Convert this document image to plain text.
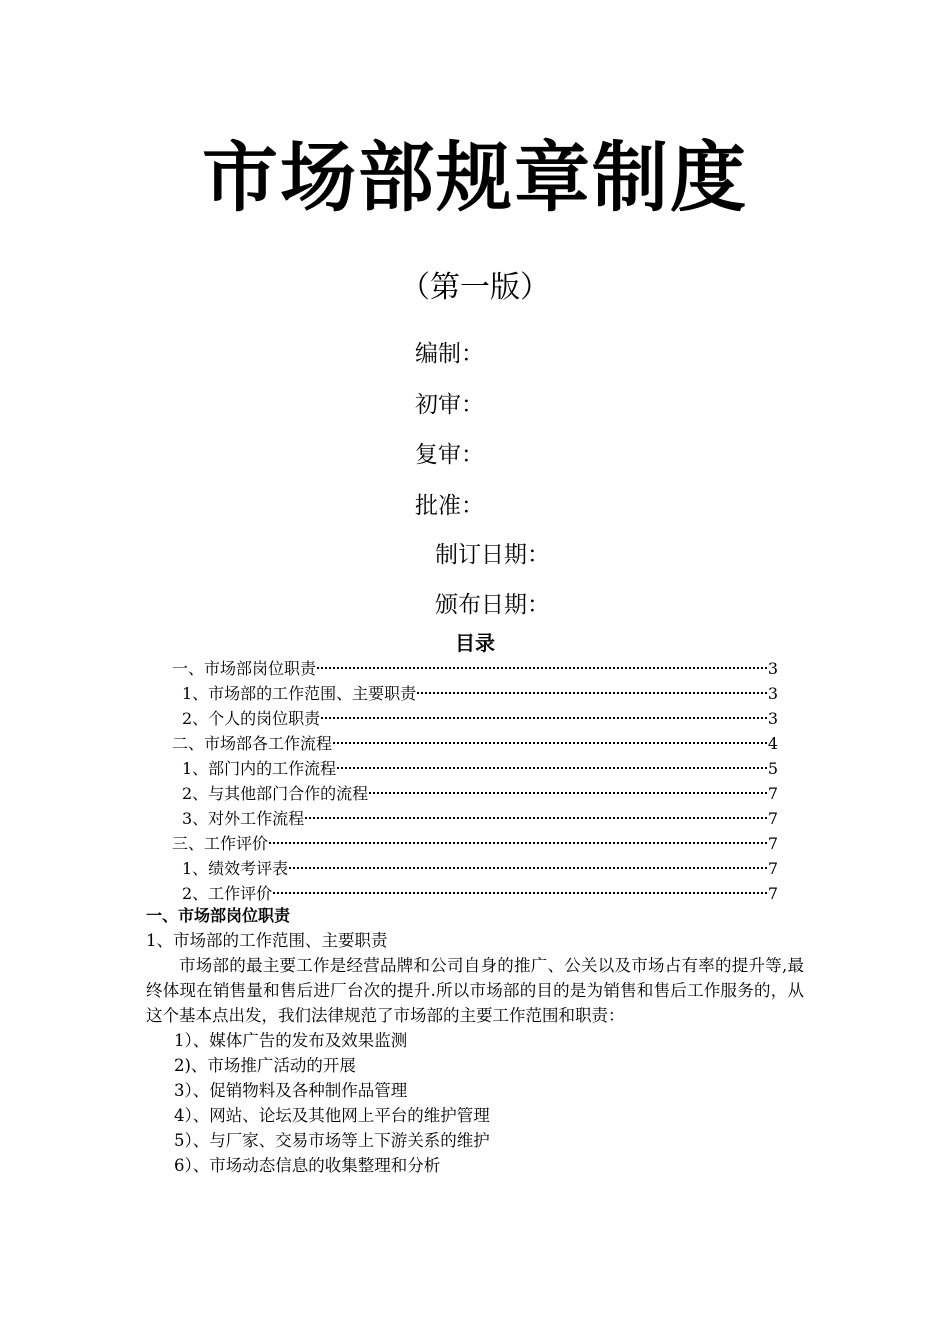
市场部规章制度
（第一版）
编制：
初审：
复审：
批准：
制订日期：
颁布日期：
目录
一、市场部岗位职责	3
1、市场部的工作范围、主要职责	3
2、个人的岗位职责	3
二、市场部各工作流程	4
1、部门内的工作流程	5
2、与其他部门合作的流程	7
3、对外工作流程	7
三、工作评价	7
1、绩效考评表	7
2、工作评价	7
一、市场部岗位职责
1、市场部的工作范围、主要职责
市场部的最主要工作是经营品牌和公司自身的推广、公关以及市场占有率的提升等,最终体现在销售量和售后进厂台次的提升.所以市场部的目的是为销售和售后工作服务的，从这个基本点出发，我们法律规范了市场部的主要工作范围和职责：
1）、媒体广告的发布及效果监测
2)、市场推广活动的开展
3）、促销物料及各种制作品管理
4）、网站、论坛及其他网上平台的维护管理
5）、与厂家、交易市场等上下游关系的维护
6）、市场动态信息的收集整理和分析
